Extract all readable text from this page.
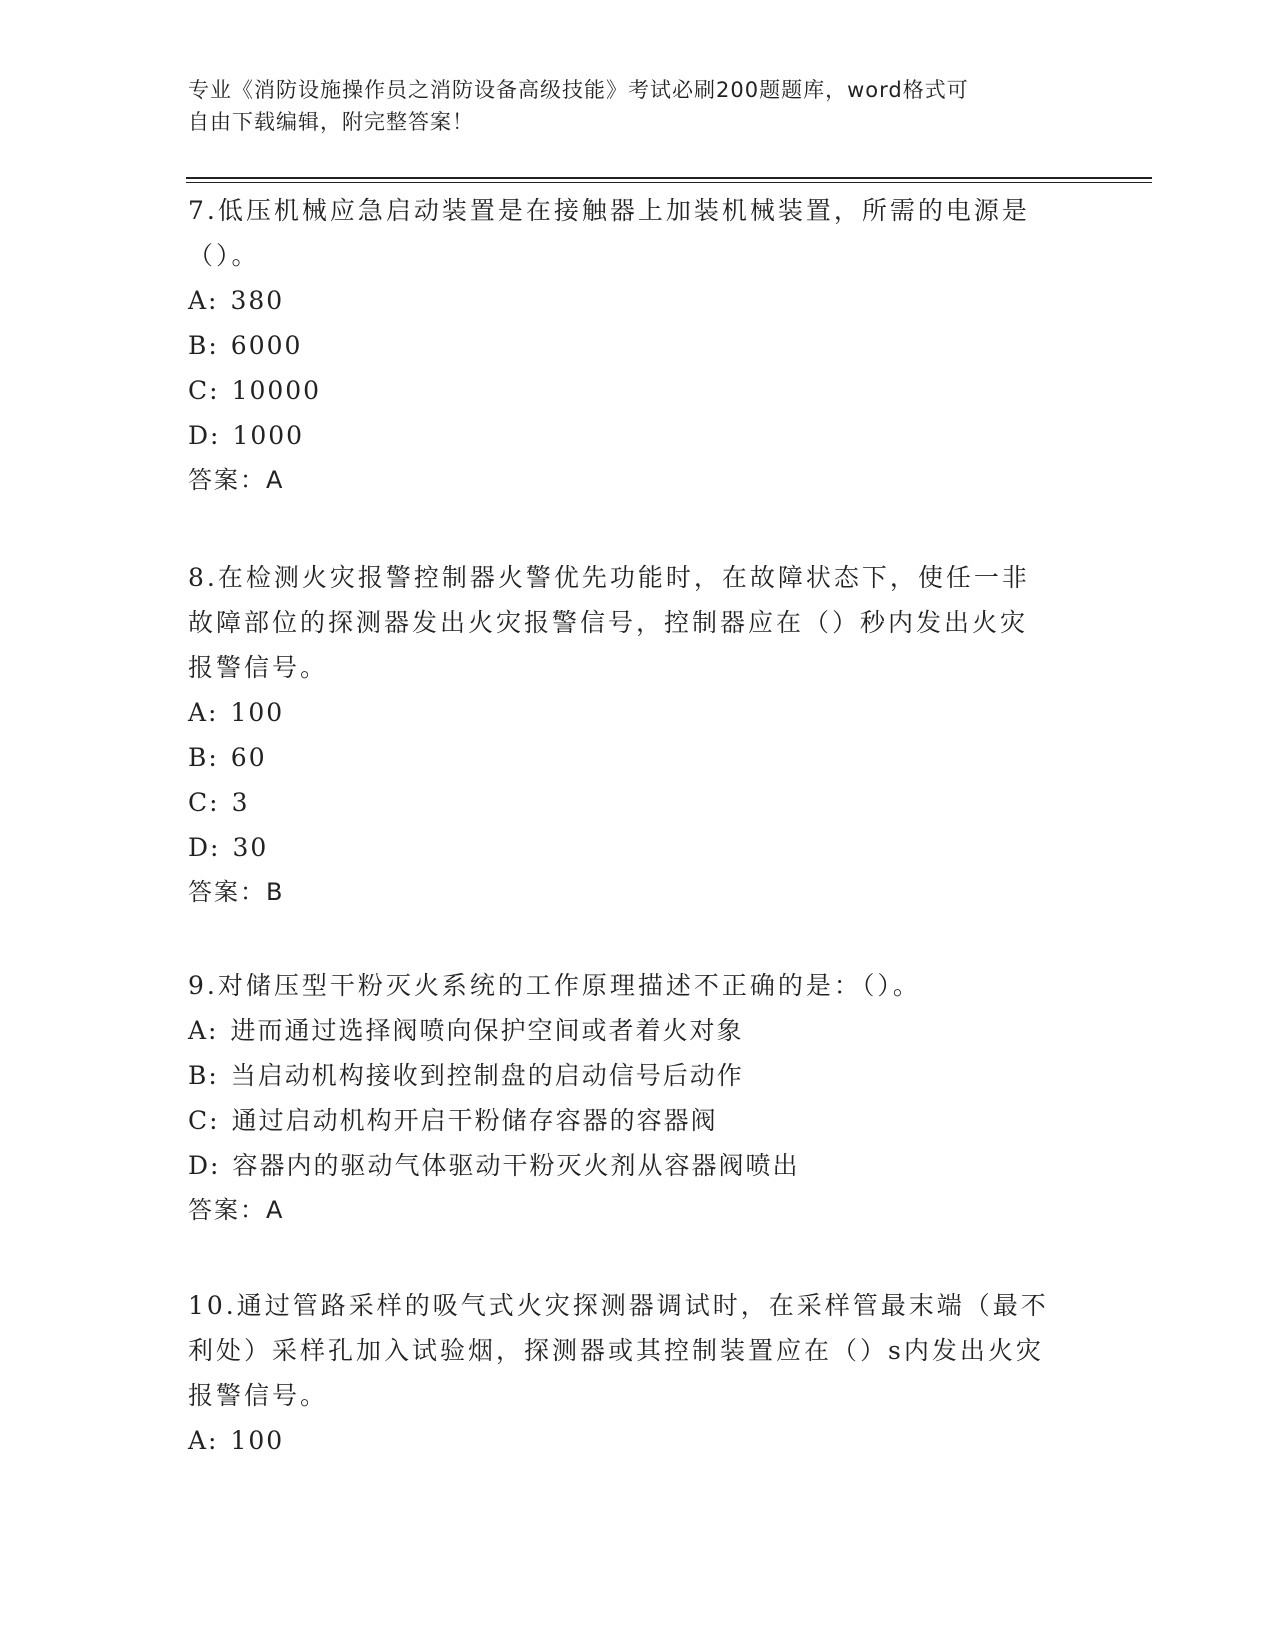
专业《消防设施操作员之消防设备高级技能》考试必刷200题题库，word格式可
自由下载编辑，附完整答案！
7.低压机械应急启动装置是在接触器上加装机械装置，所需的电源是
（）。
A: 380
B: 6000
C: 10000
D: 1000
答案：A
8.在检测火灾报警控制器火警优先功能时，在故障状态下，使任一非
故障部位的探测器发出火灾报警信号，控制器应在（）秒内发出火灾
报警信号。
A: 100
B: 60
C: 3
D: 30
答案：B
9.对储压型干粉灭火系统的工作原理描述不正确的是：（）。
A: 进而通过选择阀喷向保护空间或者着火对象
B: 当启动机构接收到控制盘的启动信号后动作
C: 通过启动机构开启干粉储存容器的容器阀
D: 容器内的驱动气体驱动干粉灭火剂从容器阀喷出
答案：A
10.通过管路采样的吸气式火灾探测器调试时，在采样管最末端（最不
利处）采样孔加入试验烟，探测器或其控制装置应在（）s内发出火灾
报警信号。
A: 100
